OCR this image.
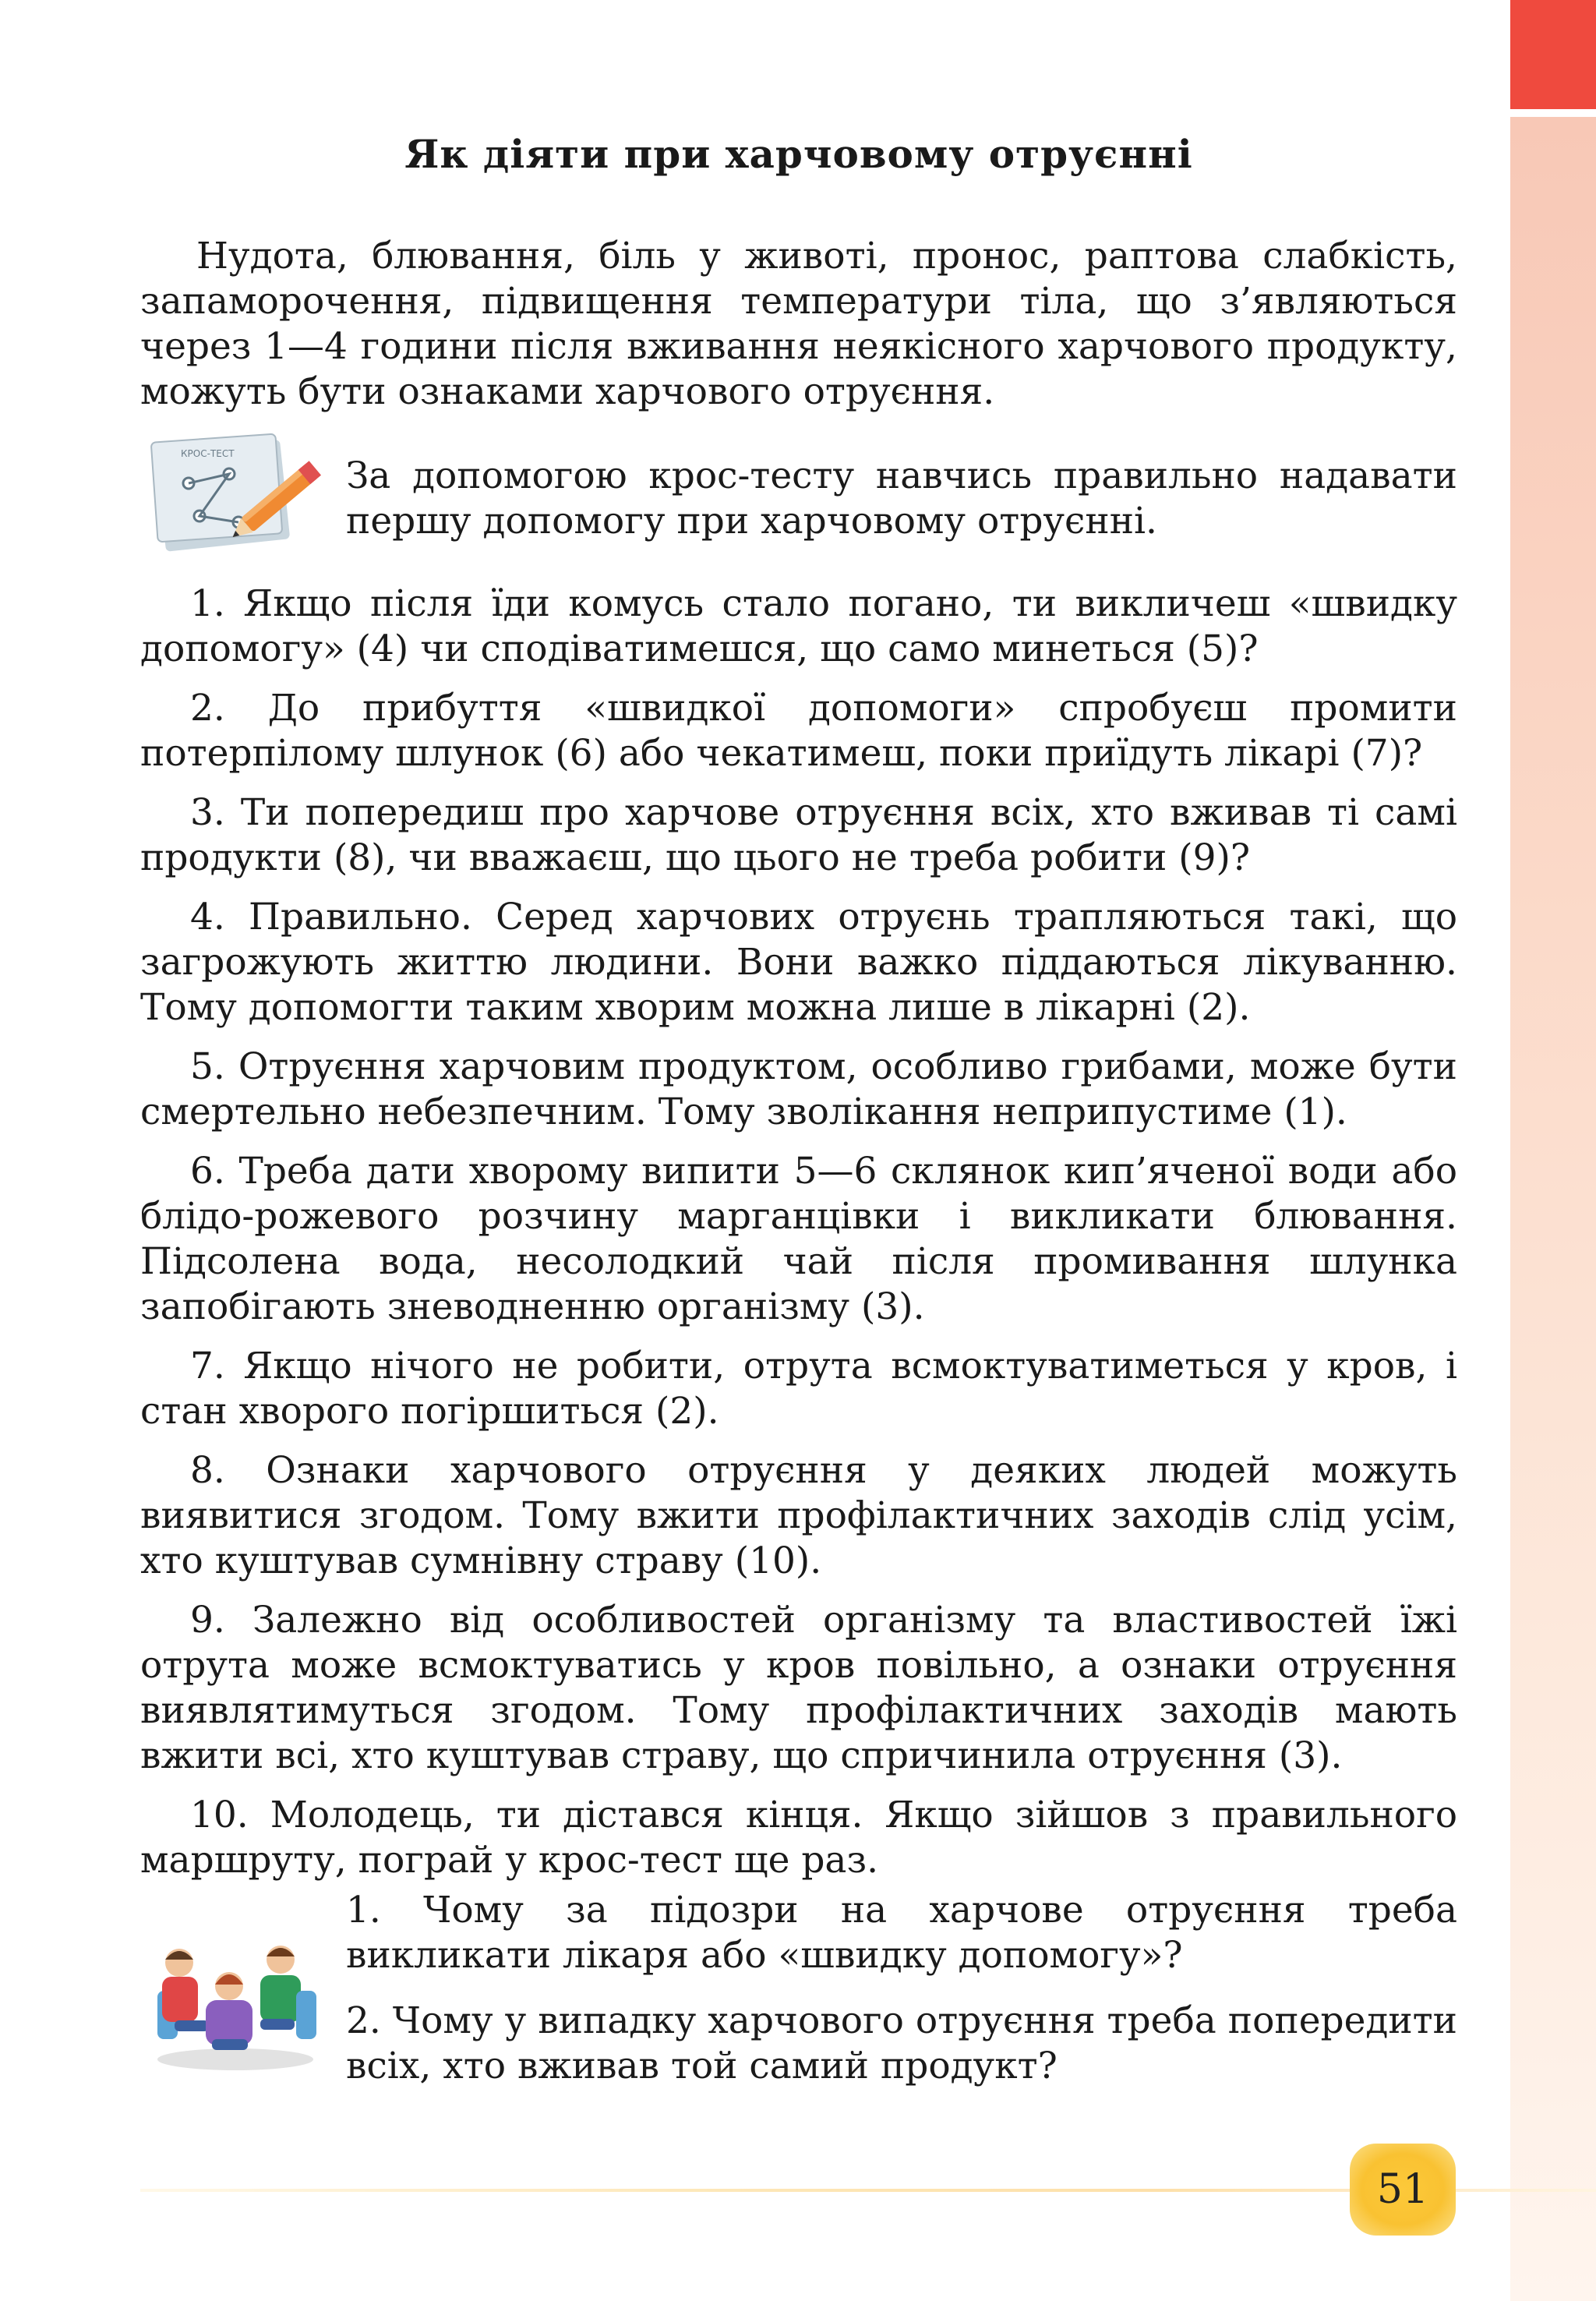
Як діяти при харчовому отруєнні

Нудота, блювання, біль у животі, пронос, раптова слабкість, запаморочення, підвищення температури тіла, що з’являються через 1—4 години після вживання неякісного харчового продукту, можуть бути ознаками харчового отруєння.

КРОС-ТЕСТ

За допомогою крос-тесту навчись правильно надавати першу допомогу при харчовому отруєнні.

1. Якщо після їди комусь стало погано, ти викличеш «швидку допомогу» (4) чи сподіватимешся, що само минеться (5)?

2. До прибуття «швидкої допомоги» спробуєш промити потерпілому шлунок (6) або чекатимеш, поки приїдуть лікарі (7)?

3. Ти попередиш про харчове отруєння всіх, хто вживав ті самі продукти (8), чи вважаєш, що цього не треба робити (9)?

4. Правильно. Серед харчових отруєнь трапляються такі, що загрожують життю людини. Вони важко піддаються лікуванню. Тому допомогти таким хворим можна лише в лікарні (2).

5. Отруєння харчовим продуктом, особливо грибами, може бути смертельно небезпечним. Тому зволікання неприпустиме (1).

6. Треба дати хворому випити 5—6 склянок кип’яченої води або блідо-рожевого розчину марганцівки і викликати блювання. Підсолена вода, несолодкий чай після промивання шлунка запобігають зневодненню організму (3).

7. Якщо нічого не робити, отрута всмоктуватиметься у кров, і стан хворого погіршиться (2).

8. Ознаки харчового отруєння у деяких людей можуть виявитися згодом. Тому вжити профілактичних заходів слід усім, хто куштував сумнівну страву (10).

9. Залежно від особливостей організму та властивостей їжі отрута може всмоктуватись у кров повільно, а ознаки отруєння виявлятимуться згодом. Тому профілактичних заходів мають вжити всі, хто куштував страву, що спричинила отруєння (3).

10. Молодець, ти дістався кінця. Якщо зійшов з правильного маршруту, пограй у крос-тест ще раз.

1. Чому за підозри на харчове отруєння треба викликати лікаря або «швидку допомогу»?

2. Чому у випадку харчового отруєння треба попередити всіх, хто вживав той самий продукт?

51
